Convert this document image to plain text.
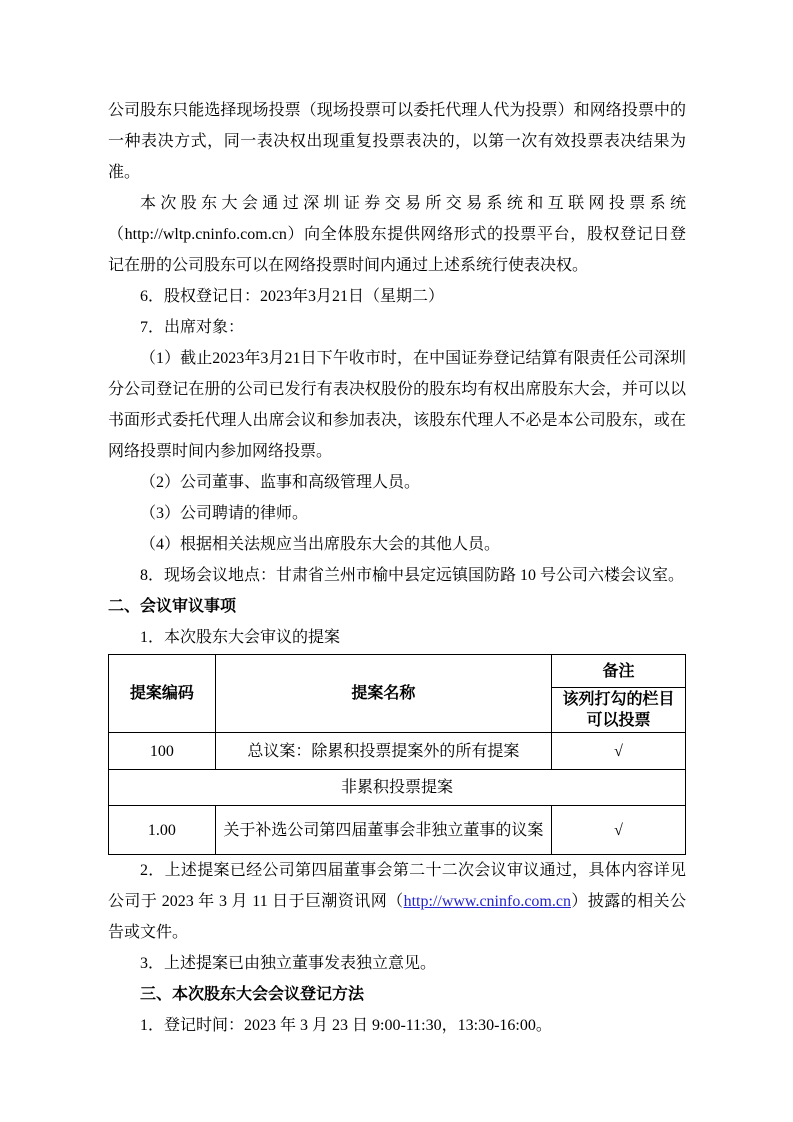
公司股东只能选择现场投票（现场投票可以委托代理人代为投票）和网络投票中的一种表决方式，同一表决权出现重复投票表决的，以第一次有效投票表决结果为准。

本次股东大会通过深圳证券交易所交易系统和互联网投票系统（http://wltp.cninfo.com.cn）向全体股东提供网络形式的投票平台，股权登记日登记在册的公司股东可以在网络投票时间内通过上述系统行使表决权。

6．股权登记日：2023年3月21日（星期二）

7．出席对象：

（1）截止2023年3月21日下午收市时，在中国证券登记结算有限责任公司深圳分公司登记在册的公司已发行有表决权股份的股东均有权出席股东大会，并可以以书面形式委托代理人出席会议和参加表决，该股东代理人不必是本公司股东，或在网络投票时间内参加网络投票。

（2）公司董事、监事和高级管理人员。

（3）公司聘请的律师。

（4）根据相关法规应当出席股东大会的其他人员。

8．现场会议地点：甘肃省兰州市榆中县定远镇国防路 10 号公司六楼会议室。

二、会议审议事项

1．本次股东大会审议的提案

提案编码	提案名称	备注
		该列打勾的栏目可以投票
100	总议案：除累积投票提案外的所有提案	√
非累积投票提案		
1.00	关于补选公司第四届董事会非独立董事的议案	√

2．上述提案已经公司第四届董事会第二十二次会议审议通过，具体内容详见公司于 2023 年 3 月 11 日于巨潮资讯网（http://www.cninfo.com.cn）披露的相关公告或文件。

3．上述提案已由独立董事发表独立意见。

三、本次股东大会会议登记方法

1．登记时间：2023 年 3 月 23 日 9:00-11:30，13:30-16:00。
